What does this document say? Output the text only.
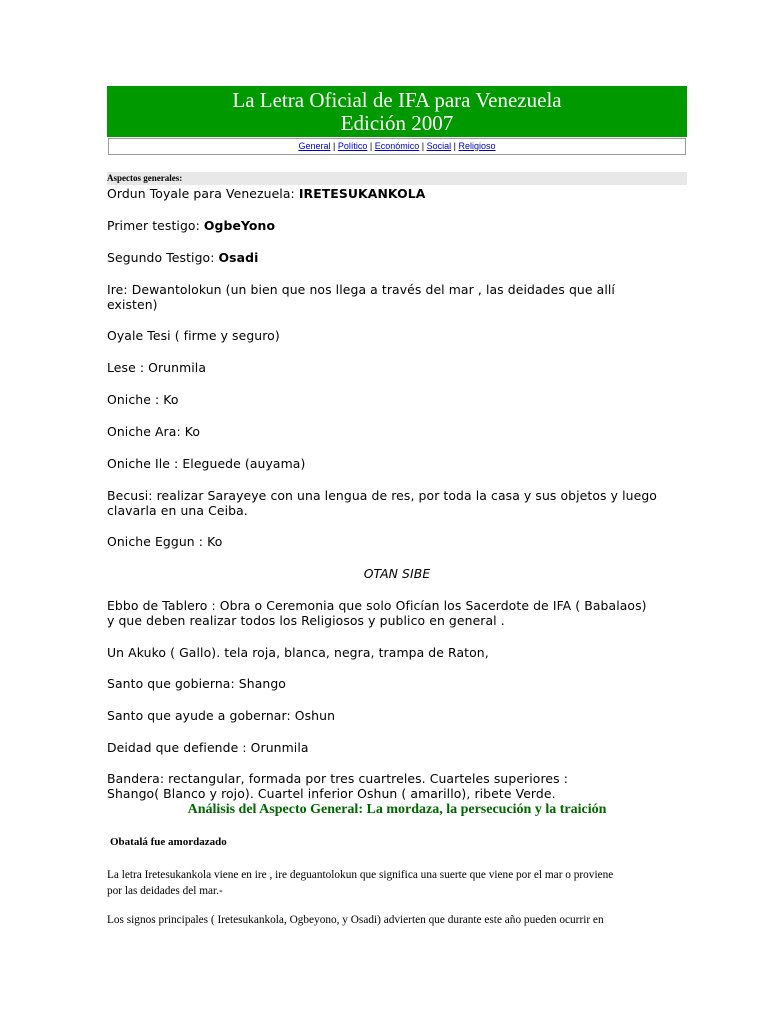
La Letra Oficial de IFA para Venezuela
Edición 2007
General | Político | Económico | Social | Religioso
Aspectos generales:

Ordun Toyale para Venezuela: IRETESUKANKOLA

Primer testigo: OgbeYono

Segundo Testigo: Osadi

Ire: Dewantolokun (un bien que nos llega a través del mar , las deidades que allí
existen)

Oyale Tesi ( firme y seguro)

Lese : Orunmila

Oniche : Ko

Oniche Ara: Ko

Oniche Ile : Eleguede (auyama)

Becusi: realizar Sarayeye con una lengua de res, por toda la casa y sus objetos y luego
clavarla en una Ceiba.

Oniche Eggun : Ko

OTAN SIBE

Ebbo de Tablero : Obra o Ceremonia que solo Oficían los Sacerdote de IFA ( Babalaos)
y que deben realizar todos los Religiosos y publico en general .

Un Akuko ( Gallo). tela roja, blanca, negra, trampa de Raton,

Santo que gobierna: Shango

Santo que ayude a gobernar: Oshun

Deidad que defiende : Orunmila

Bandera: rectangular, formada por tres cuartreles. Cuarteles superiores :
Shango( Blanco y rojo). Cuartel inferior Oshun ( amarillo), ribete Verde.

Análisis del Aspecto General: La mordaza, la persecución y la traición
Obatalá fue amordazado

La letra Iretesukankola viene en ire , ire deguantolokun que significa una suerte que viene por el mar o proviene
por las deidades del mar.-

Los signos principales ( Iretesukankola, Ogbeyono, y Osadi) advierten que durante este año pueden ocurrir en
